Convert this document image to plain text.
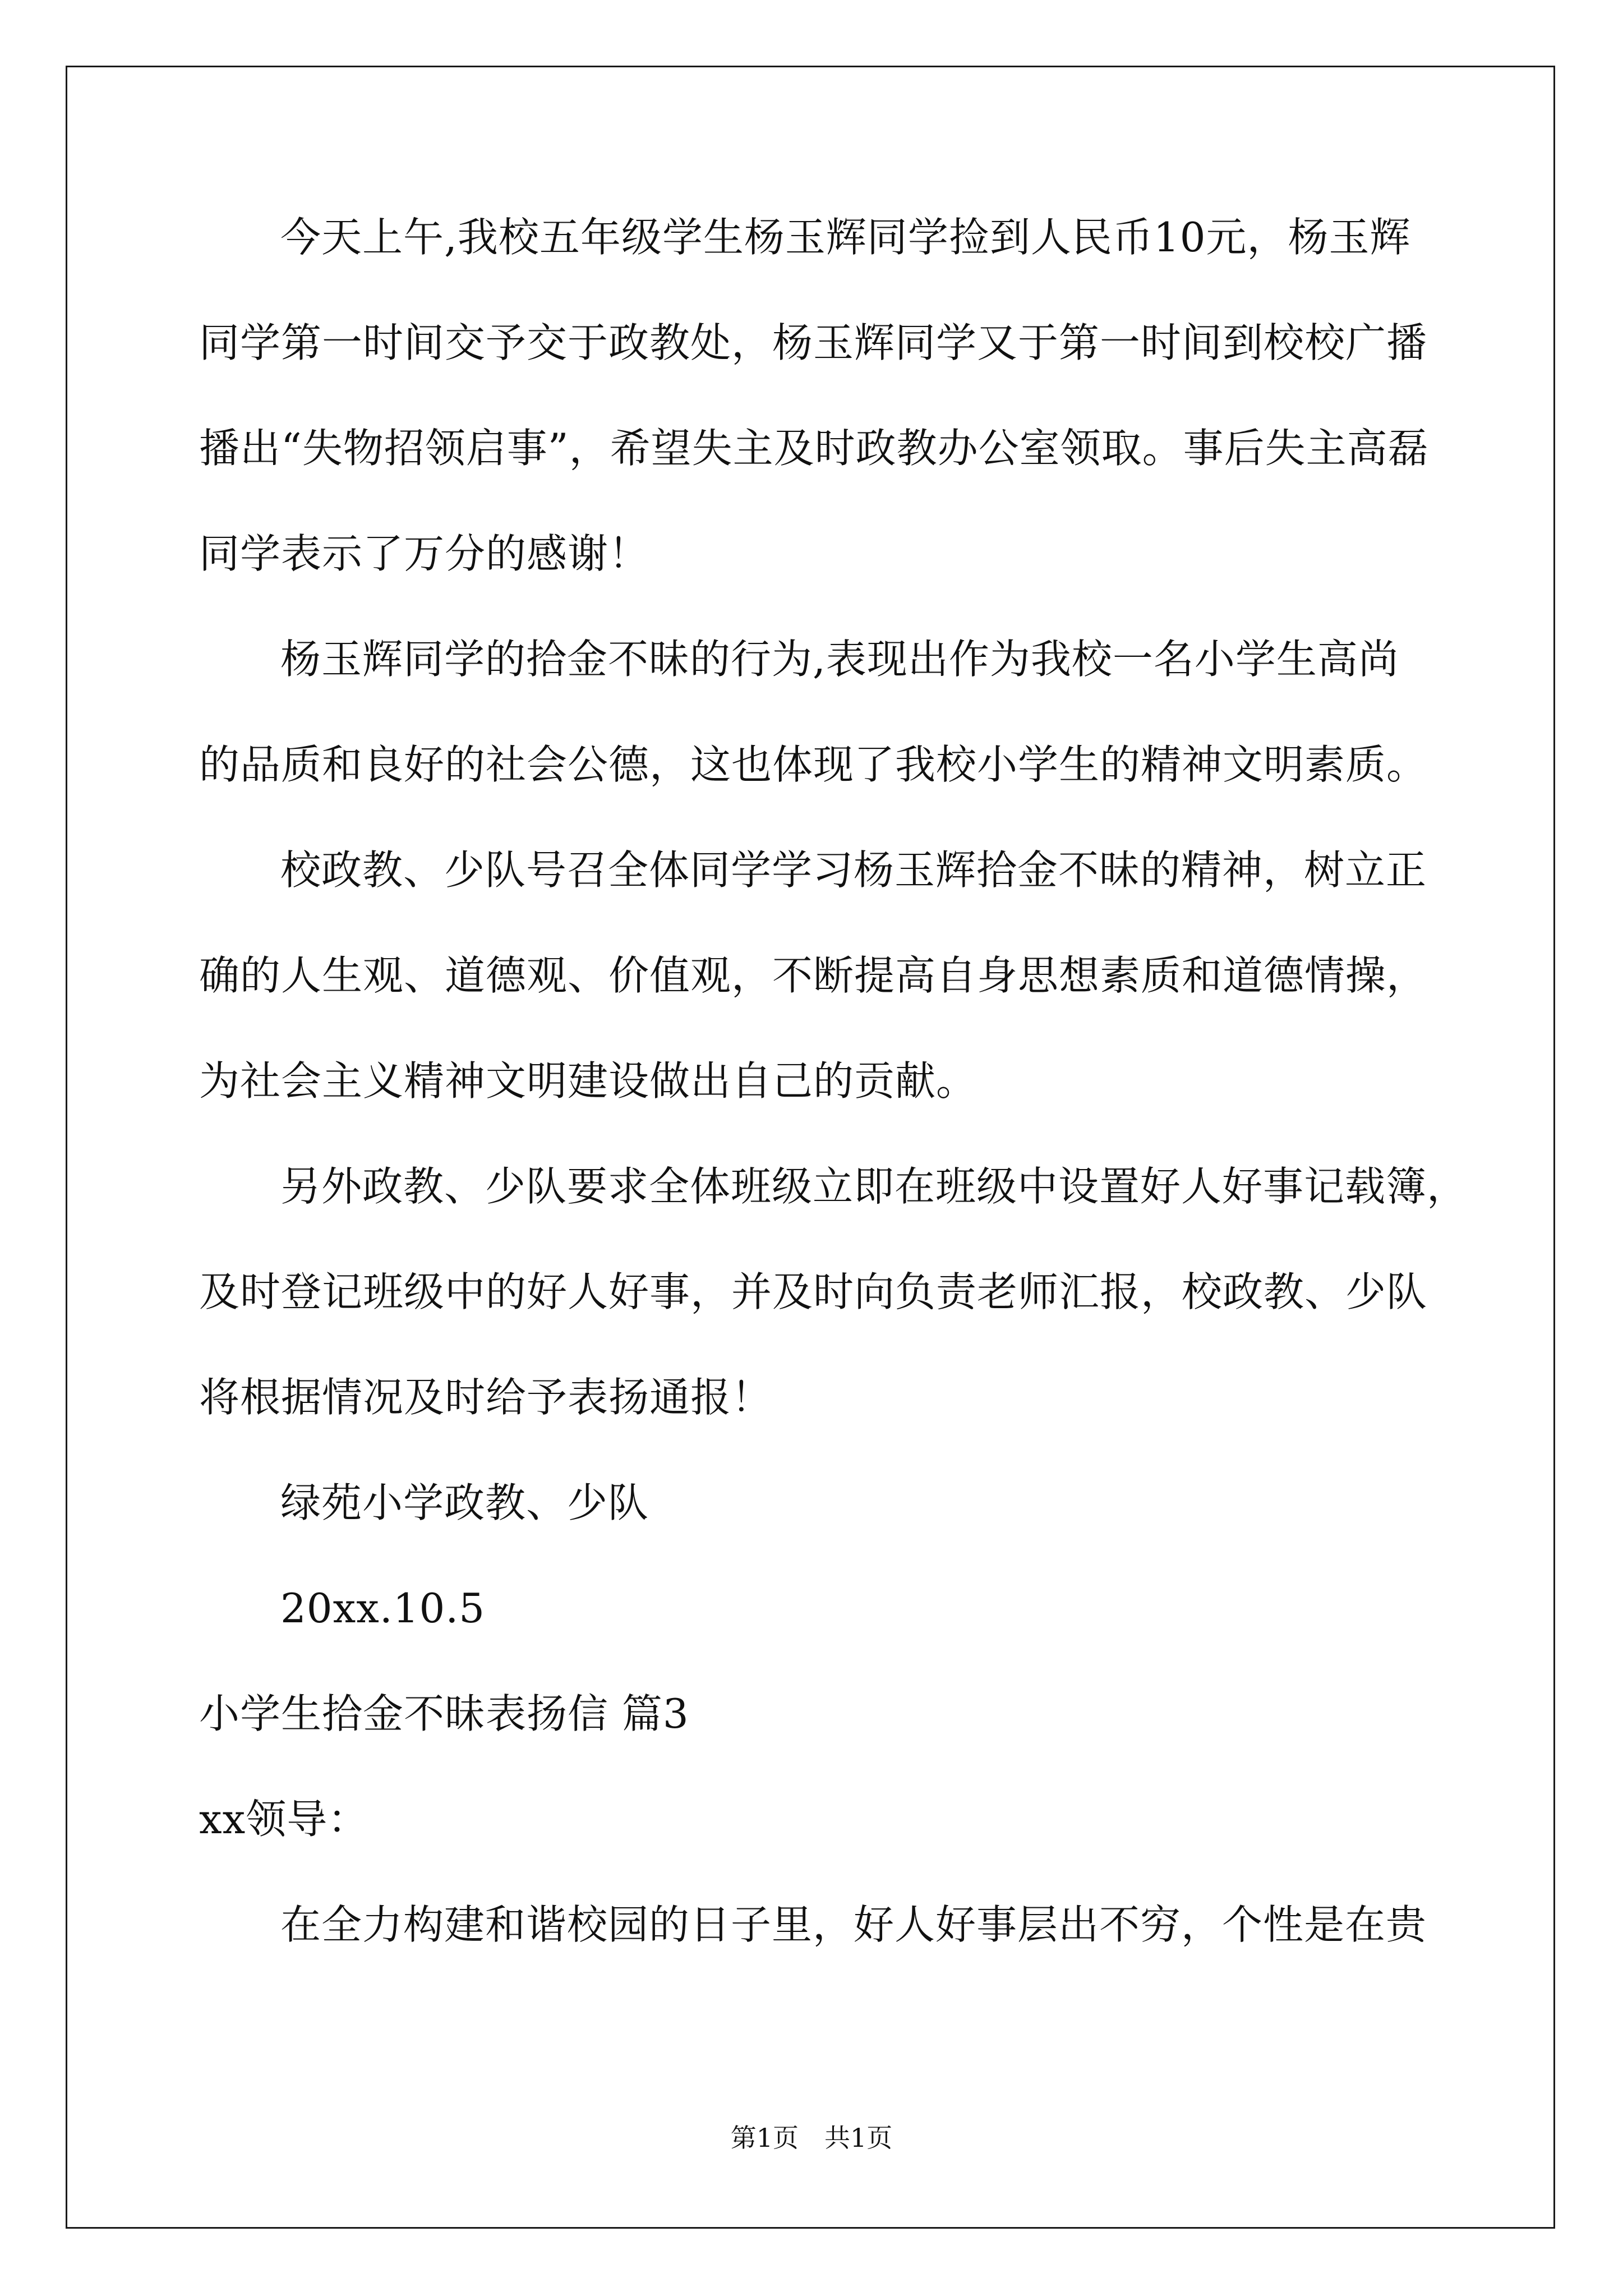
今天上午,我校五年级学生杨玉辉同学捡到人民币10元，杨玉辉
同学第一时间交予交于政教处，杨玉辉同学又于第一时间到校校广播
播出“失物招领启事”，希望失主及时政教办公室领取。事后失主高磊
同学表示了万分的感谢！
杨玉辉同学的拾金不昧的行为,表现出作为我校一名小学生高尚
的品质和良好的社会公德，这也体现了我校小学生的精神文明素质。
校政教、少队号召全体同学学习杨玉辉拾金不昧的精神，树立正
确的人生观、道德观、价值观，不断提高自身思想素质和道德情操，
为社会主义精神文明建设做出自己的贡献。
另外政教、少队要求全体班级立即在班级中设置好人好事记载簿，
及时登记班级中的好人好事，并及时向负责老师汇报，校政教、少队
将根据情况及时给予表扬通报！
绿苑小学政教、少队
20xx.10.5
小学生拾金不昧表扬信 篇3
xx领导：
在全力构建和谐校园的日子里，好人好事层出不穷，个性是在贵
第1页　共1页
